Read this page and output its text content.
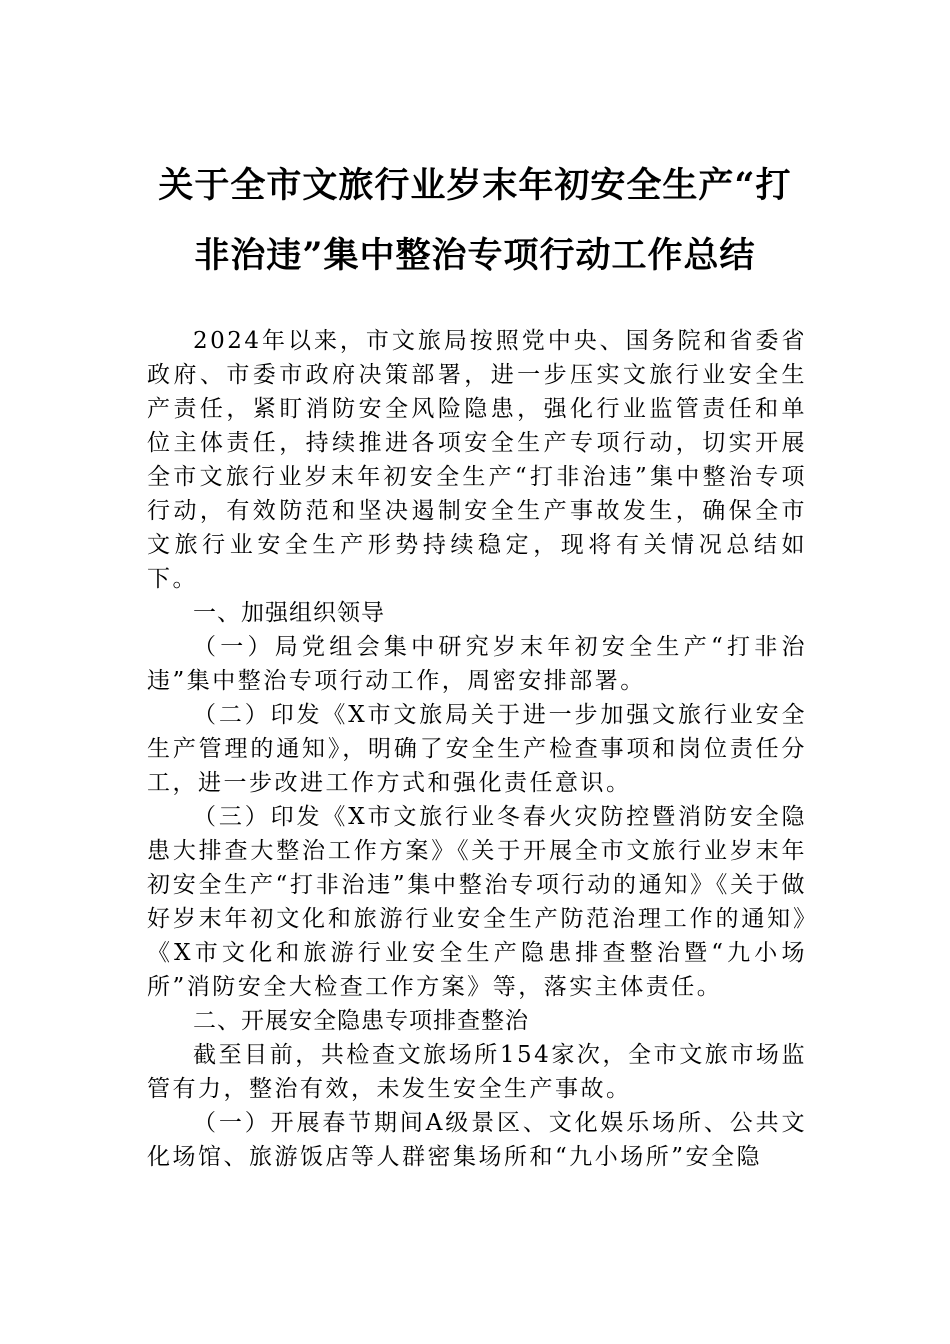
关于全市文旅行业岁末年初安全生产“打
非治违”集中整治专项行动工作总结

2024年以来，市文旅局按照党中央、国务院和省委省政府、市委市政府决策部署，进一步压实文旅行业安全生产责任，紧盯消防安全风险隐患，强化行业监管责任和单位主体责任，持续推进各项安全生产专项行动，切实开展全市文旅行业岁末年初安全生产“打非治违”集中整治专项行动，有效防范和坚决遏制安全生产事故发生，确保全市文旅行业安全生产形势持续稳定，现将有关情况总结如下。

一、加强组织领导

（一）局党组会集中研究岁末年初安全生产“打非治违”集中整治专项行动工作，周密安排部署。

（二）印发《X市文旅局关于进一步加强文旅行业安全生产管理的通知》，明确了安全生产检查事项和岗位责任分工，进一步改进工作方式和强化责任意识。

（三）印发《X市文旅行业冬春火灾防控暨消防安全隐患大排查大整治工作方案》《关于开展全市文旅行业岁末年初安全生产“打非治违”集中整治专项行动的通知》《关于做好岁末年初文化和旅游行业安全生产防范治理工作的通知》《X市文化和旅游行业安全生产隐患排查整治暨“九小场所”消防安全大检查工作方案》等，落实主体责任。

二、开展安全隐患专项排查整治

截至目前，共检查文旅场所154家次，全市文旅市场监管有力，整治有效，未发生安全生产事故。

（一）开展春节期间A级景区、文化娱乐场所、公共文化场馆、旅游饭店等人群密集场所和“九小场所”安全隐
